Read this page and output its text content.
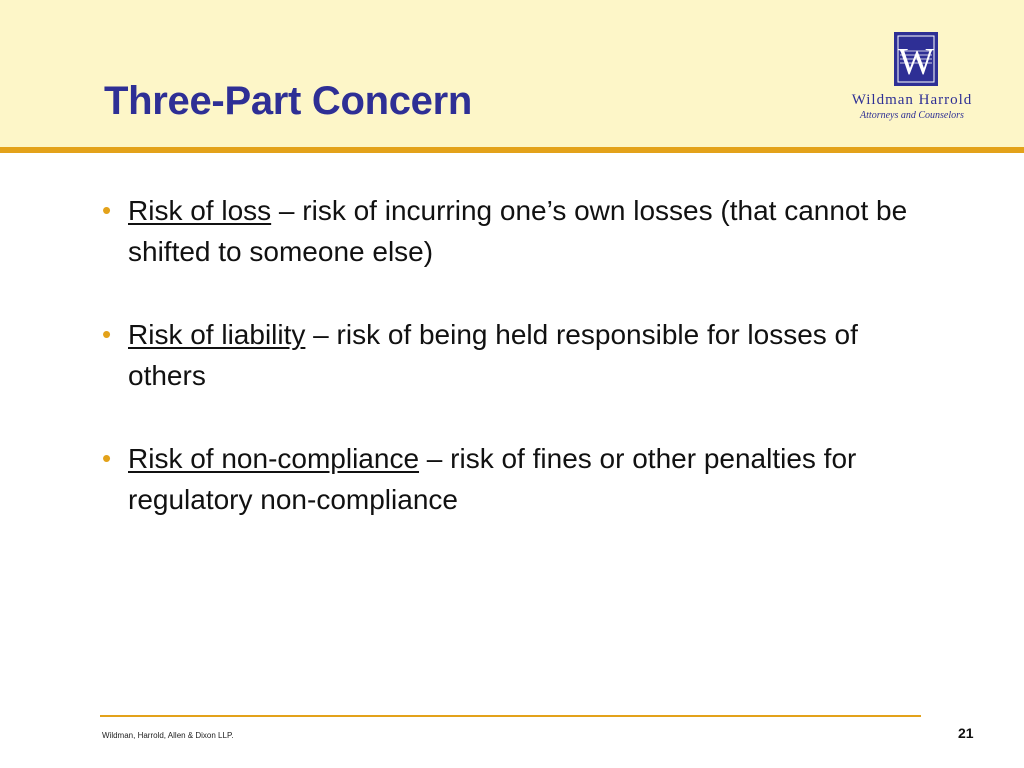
Three-Part Concern
W
Wildman Harrold
Attorneys and Counselors
• Risk of loss – risk of incurring one’s own losses (that cannot be shifted to someone else)
• Risk of liability – risk of being held responsible for losses of others
• Risk of non-compliance – risk of fines or other penalties for regulatory non-compliance
Wildman, Harrold, Allen & Dixon LLP.	21
